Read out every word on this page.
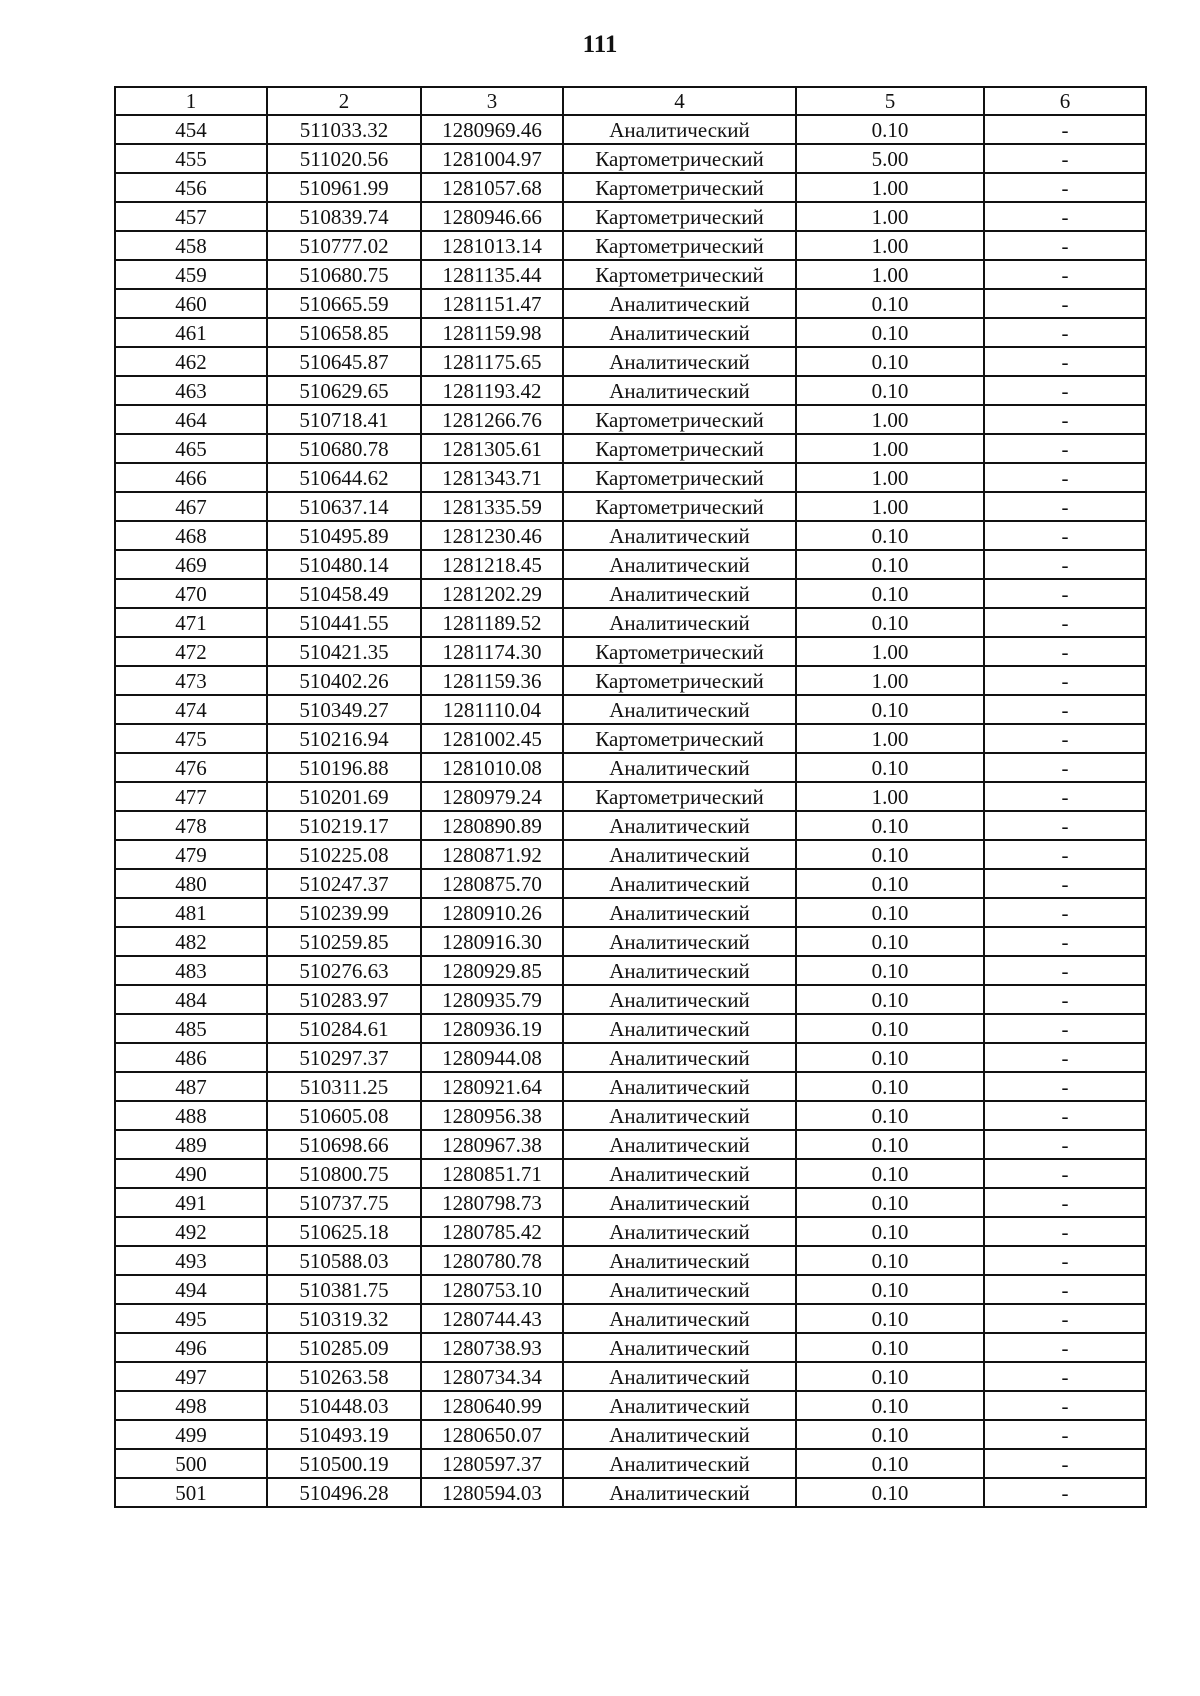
111
1	2	3	4	5	6
454	511033.32	1280969.46	Аналитический	0.10	-
455	511020.56	1281004.97	Картометрический	5.00	-
456	510961.99	1281057.68	Картометрический	1.00	-
457	510839.74	1280946.66	Картометрический	1.00	-
458	510777.02	1281013.14	Картометрический	1.00	-
459	510680.75	1281135.44	Картометрический	1.00	-
460	510665.59	1281151.47	Аналитический	0.10	-
461	510658.85	1281159.98	Аналитический	0.10	-
462	510645.87	1281175.65	Аналитический	0.10	-
463	510629.65	1281193.42	Аналитический	0.10	-
464	510718.41	1281266.76	Картометрический	1.00	-
465	510680.78	1281305.61	Картометрический	1.00	-
466	510644.62	1281343.71	Картометрический	1.00	-
467	510637.14	1281335.59	Картометрический	1.00	-
468	510495.89	1281230.46	Аналитический	0.10	-
469	510480.14	1281218.45	Аналитический	0.10	-
470	510458.49	1281202.29	Аналитический	0.10	-
471	510441.55	1281189.52	Аналитический	0.10	-
472	510421.35	1281174.30	Картометрический	1.00	-
473	510402.26	1281159.36	Картометрический	1.00	-
474	510349.27	1281110.04	Аналитический	0.10	-
475	510216.94	1281002.45	Картометрический	1.00	-
476	510196.88	1281010.08	Аналитический	0.10	-
477	510201.69	1280979.24	Картометрический	1.00	-
478	510219.17	1280890.89	Аналитический	0.10	-
479	510225.08	1280871.92	Аналитический	0.10	-
480	510247.37	1280875.70	Аналитический	0.10	-
481	510239.99	1280910.26	Аналитический	0.10	-
482	510259.85	1280916.30	Аналитический	0.10	-
483	510276.63	1280929.85	Аналитический	0.10	-
484	510283.97	1280935.79	Аналитический	0.10	-
485	510284.61	1280936.19	Аналитический	0.10	-
486	510297.37	1280944.08	Аналитический	0.10	-
487	510311.25	1280921.64	Аналитический	0.10	-
488	510605.08	1280956.38	Аналитический	0.10	-
489	510698.66	1280967.38	Аналитический	0.10	-
490	510800.75	1280851.71	Аналитический	0.10	-
491	510737.75	1280798.73	Аналитический	0.10	-
492	510625.18	1280785.42	Аналитический	0.10	-
493	510588.03	1280780.78	Аналитический	0.10	-
494	510381.75	1280753.10	Аналитический	0.10	-
495	510319.32	1280744.43	Аналитический	0.10	-
496	510285.09	1280738.93	Аналитический	0.10	-
497	510263.58	1280734.34	Аналитический	0.10	-
498	510448.03	1280640.99	Аналитический	0.10	-
499	510493.19	1280650.07	Аналитический	0.10	-
500	510500.19	1280597.37	Аналитический	0.10	-
501	510496.28	1280594.03	Аналитический	0.10	-
